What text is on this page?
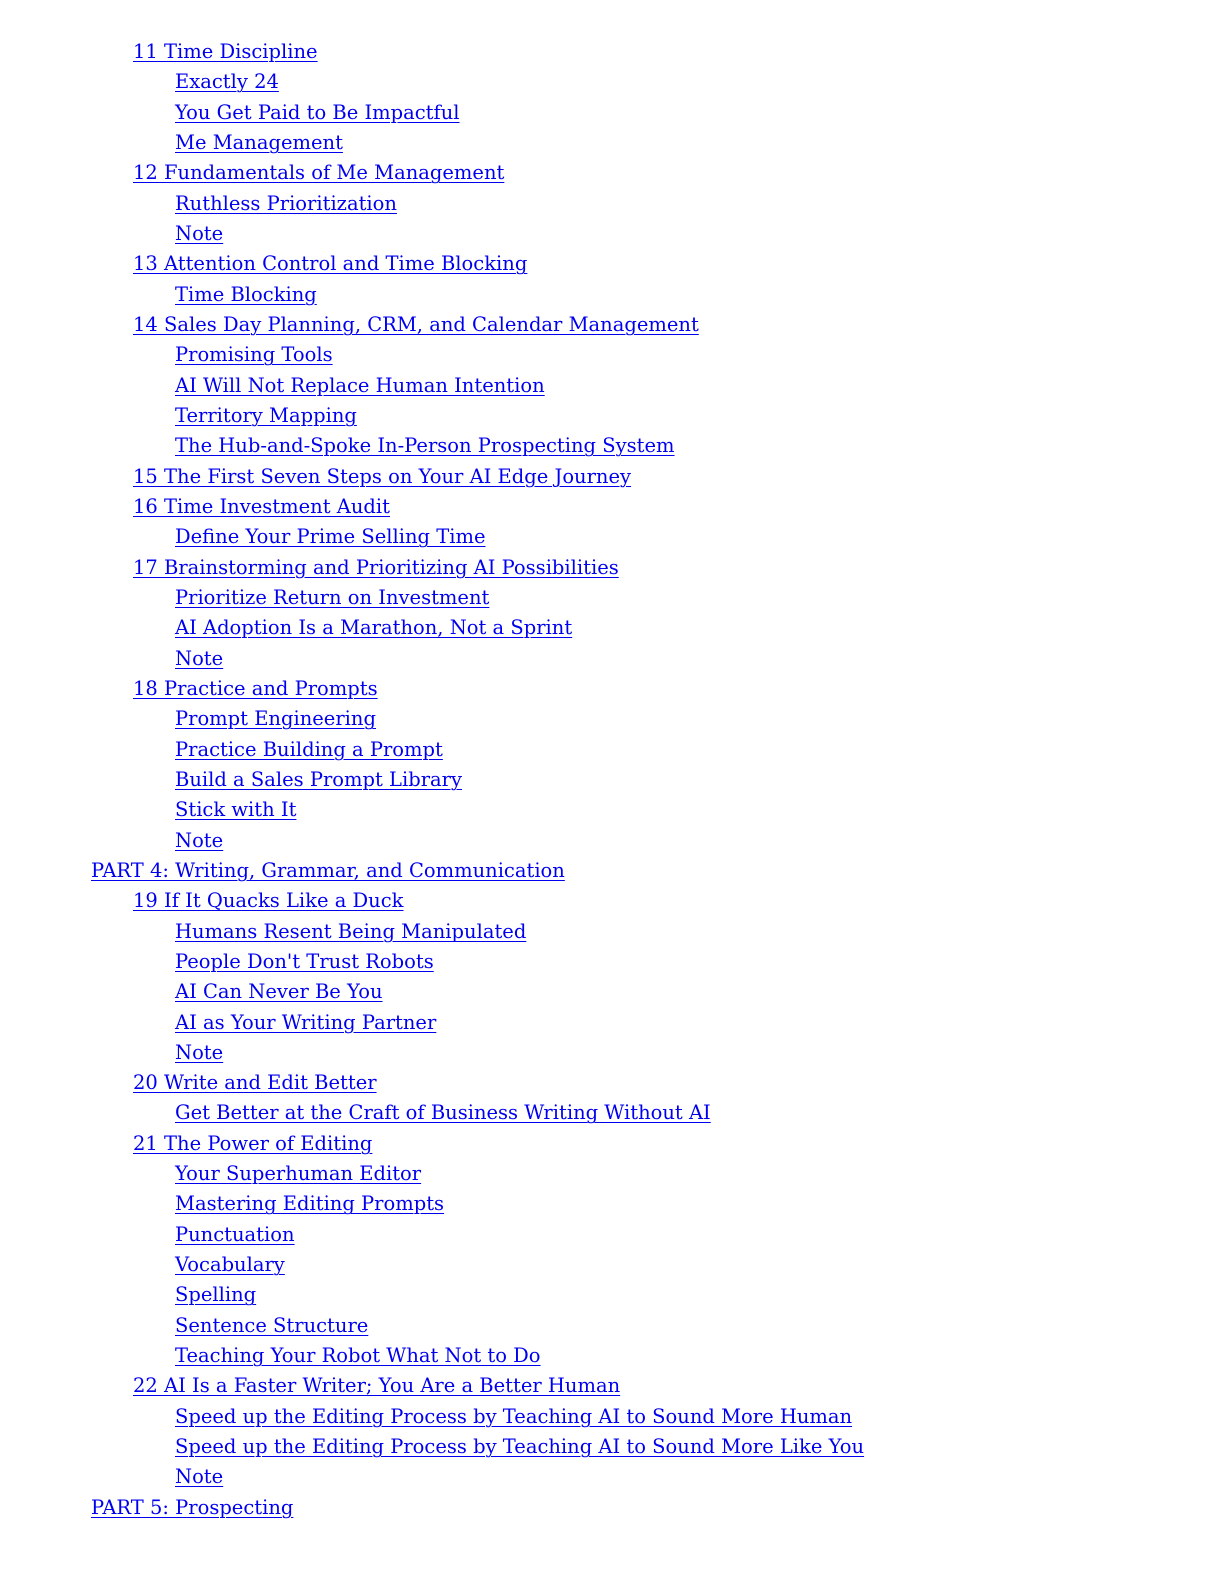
11 Time Discipline
Exactly 24
You Get Paid to Be Impactful
Me Management
12 Fundamentals of Me Management
Ruthless Prioritization
Note
13 Attention Control and Time Blocking
Time Blocking
14 Sales Day Planning, CRM, and Calendar Management
Promising Tools
AI Will Not Replace Human Intention
Territory Mapping
The Hub-and-Spoke In-Person Prospecting System
15 The First Seven Steps on Your AI Edge Journey
16 Time Investment Audit
Define Your Prime Selling Time
17 Brainstorming and Prioritizing AI Possibilities
Prioritize Return on Investment
AI Adoption Is a Marathon, Not a Sprint
Note
18 Practice and Prompts
Prompt Engineering
Practice Building a Prompt
Build a Sales Prompt Library
Stick with It
Note
PART 4: Writing, Grammar, and Communication
19 If It Quacks Like a Duck
Humans Resent Being Manipulated
People Don't Trust Robots
AI Can Never Be You
AI as Your Writing Partner
Note
20 Write and Edit Better
Get Better at the Craft of Business Writing Without AI
21 The Power of Editing
Your Superhuman Editor
Mastering Editing Prompts
Punctuation
Vocabulary
Spelling
Sentence Structure
Teaching Your Robot What Not to Do
22 AI Is a Faster Writer; You Are a Better Human
Speed up the Editing Process by Teaching AI to Sound More Human
Speed up the Editing Process by Teaching AI to Sound More Like You
Note
PART 5: Prospecting
